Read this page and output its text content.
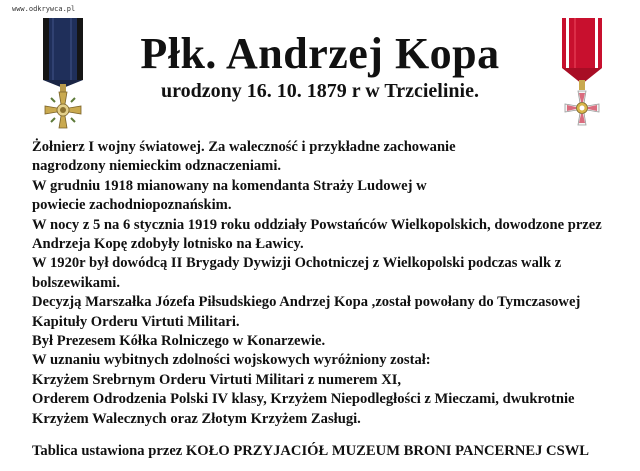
www.odkrywca.pl
Płk. Andrzej Kopa
urodzony 16. 10. 1879 r w Trzcielinie.
Żołnierz I wojny światowej. Za waleczność i przykładne zachowanie
nagrodzony niemieckim odznaczeniami.
W grudniu 1918 mianowany na komendanta Straży Ludowej w
powiecie zachodniopoznańskim.
W nocy z 5 na 6 stycznia 1919 roku oddziały Powstańców Wielkopolskich, dowodzone przez
Andrzeja Kopę zdobyły lotnisko na Ławicy.
W 1920r był dowódcą II Brygady Dywizji Ochotniczej z Wielkopolski podczas walk z
bolszewikami.
Decyzją Marszałka Józefa Piłsudskiego Andrzej Kopa ,został powołany do Tymczasowej
Kapituły Orderu Virtuti Militari.
Był Prezesem Kółka Rolniczego w Konarzewie.
W uznaniu wybitnych zdolności wojskowych wyróżniony został:
Krzyżem Srebrnym Orderu Virtuti Militari z numerem XI,
Orderem Odrodzenia Polski IV klasy, Krzyżem Niepodległości z Mieczami, dwukrotnie
Krzyżem Walecznych oraz Złotym Krzyżem Zasługi.
Tablica ustawiona przez KOŁO PRZYJACIÓŁ MUZEUM BRONI PANCERNEJ CSWL
